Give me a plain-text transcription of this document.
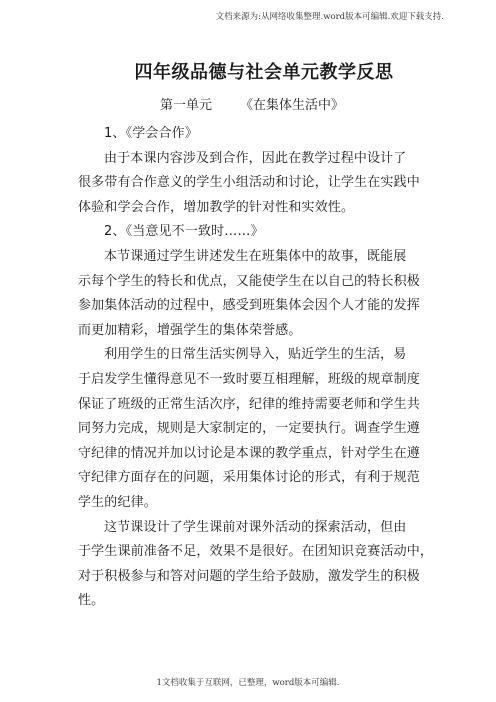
文档来源为:从网络收集整理.word版本可编辑.欢迎下载支持.
四年级品德与社会单元教学反思
第一单元 《在集体生活中》
1、《学会合作》
由于本课内容涉及到合作，因此在教学过程中设计了
很多带有合作意义的学生小组活动和讨论，让学生在实践中
体验和学会合作，增加教学的针对性和实效性。
2、《当意见不一致时……》
本节课通过学生讲述发生在班集体中的故事，既能展
示每个学生的特长和优点，又能使学生在以自己的特长积极
参加集体活动的过程中，感受到班集体会因个人才能的发挥
而更加精彩，增强学生的集体荣誉感。
利用学生的日常生活实例导入，贴近学生的生活，易
于启发学生懂得意见不一致时要互相理解，班级的规章制度
保证了班级的正常生活次序，纪律的维持需要老师和学生共
同努力完成，规则是大家制定的，一定要执行。调查学生遵
守纪律的情况并加以讨论是本课的教学重点，针对学生在遵
守纪律方面存在的问题，采用集体讨论的形式，有利于规范
学生的纪律。
这节课设计了学生课前对课外活动的探索活动，但由
于学生课前准备不足，效果不是很好。在团知识竞赛活动中，
对于积极参与和答对问题的学生给予鼓励，激发学生的积极
性。
1文档收集于互联网，已整理，word版本可编辑.
